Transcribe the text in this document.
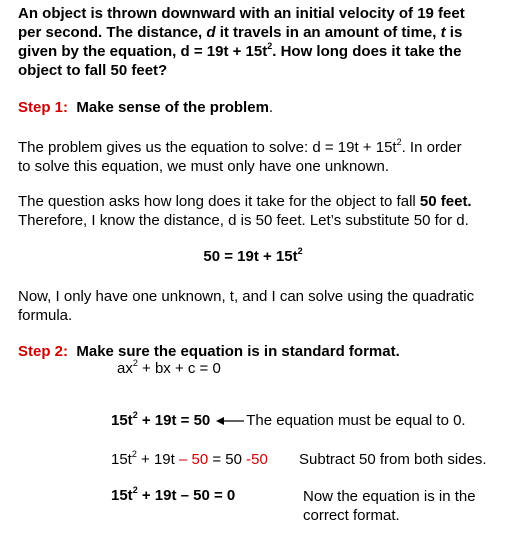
An object is thrown downward with an initial velocity of 19 feet
per second. The distance, d it travels in an amount of time, t is
given by the equation, $d = 19t + 15t^2$. How long does it take the
object to fall 50 feet?
Step 1:  Make sense of the problem.
The problem gives us the equation to solve: $d = 19t + 15t^2$. In order
to solve this equation, we must only have one unknown.
The question asks how long does it take for the object to fall 50 feet.
Therefore, I know the distance, d is 50 feet. Let’s substitute 50 for d.
$50 = 19t + 15t^2$
Now, I only have one unknown, t, and I can solve using the quadratic
formula.
Step 2:  Make sure the equation is in standard format.
$ax^2$ + bx + c = 0
$15t^2 + 19t = 50$ The equation must be equal to 0.
$15t^2 + 19t - 50 = 50$ -50 Subtract 50 from both sides.
$15t^2 + 19t - 50 = 0$	Now the equation is in the
correct format.
